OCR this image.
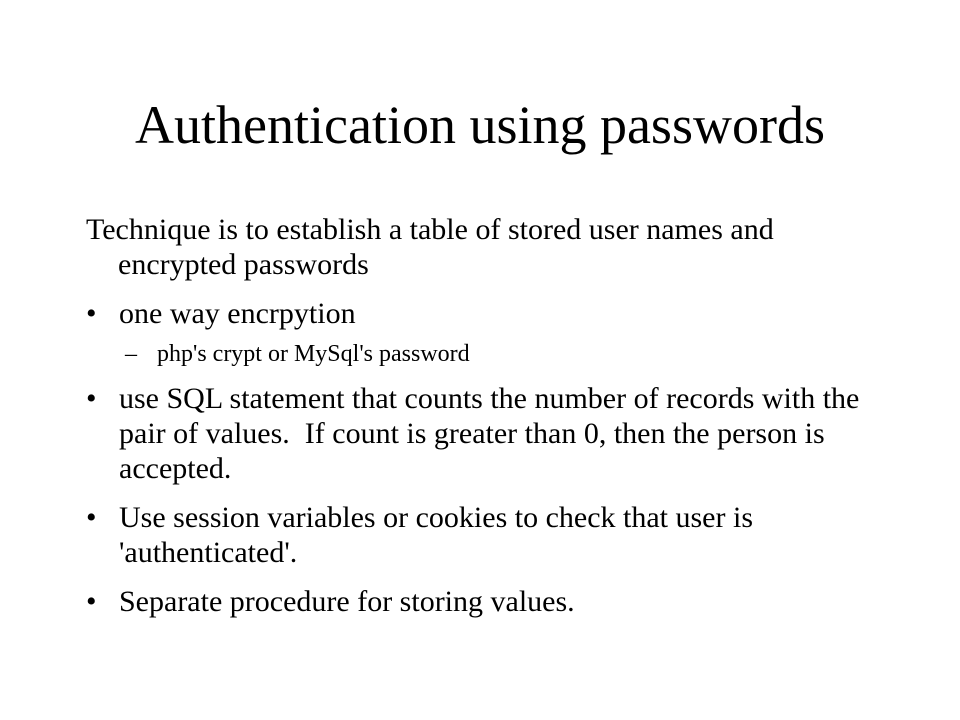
Authentication using passwords

Technique is to establish a table of stored user names and encrypted passwords

• one way encrpytion
– php's crypt or MySql's password
• use SQL statement that counts the number of records with the pair of values.  If count is greater than 0, then the person is accepted.
• Use session variables or cookies to check that user is 'authenticated'.
• Separate procedure for storing values.
